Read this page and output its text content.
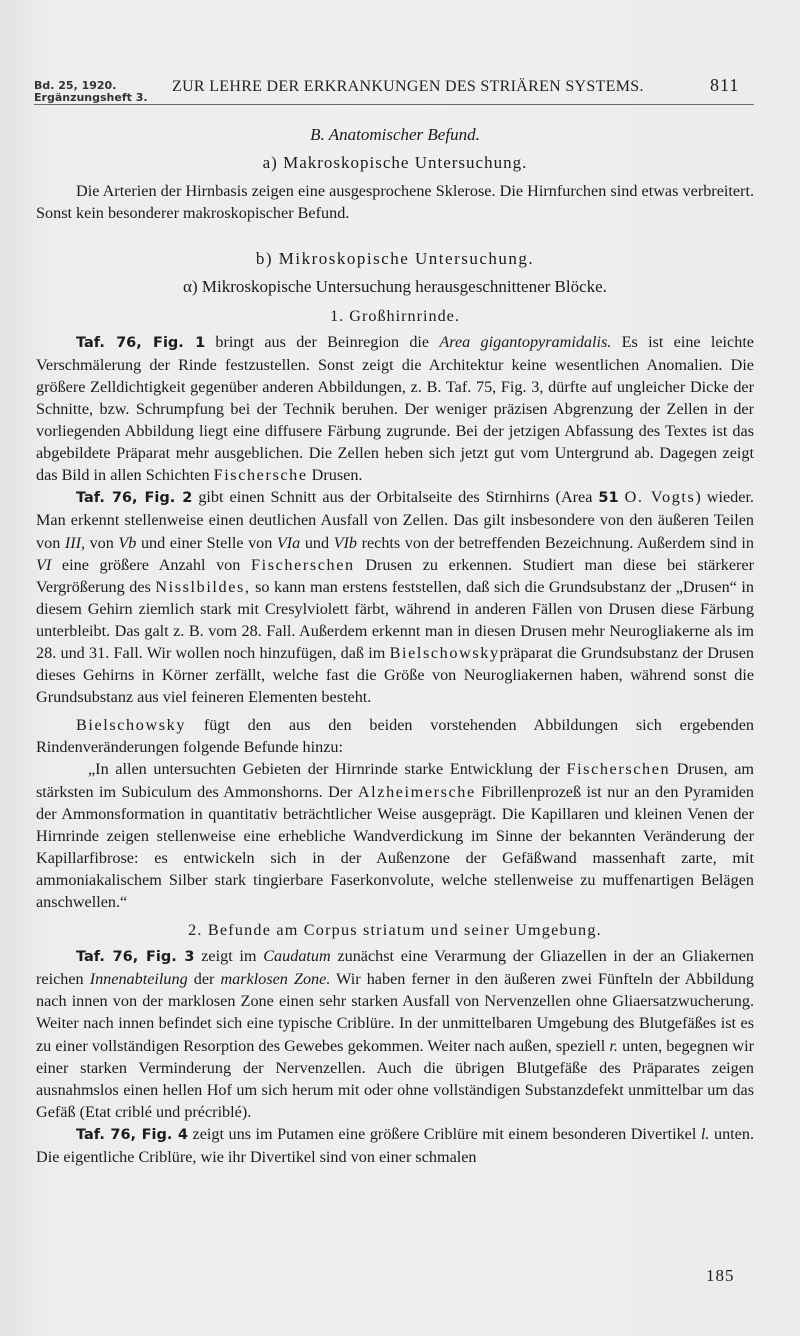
Bd. 25, 1920.
Ergänzungsheft 3.
ZUR LEHRE DER ERKRANKUNGEN DES STRIÄREN SYSTEMS.	811

B. Anatomischer Befund.

a) Makroskopische Untersuchung.

Die Arterien der Hirnbasis zeigen eine ausgesprochene Sklerose. Die Hirnfurchen sind etwas verbreitert. Sonst kein besonderer makroskopischer Befund.

b) Mikroskopische Untersuchung.

α) Mikroskopische Untersuchung herausgeschnittener Blöcke.

1. Großhirnrinde.

Taf. 76, Fig. 1 bringt aus der Beinregion die Area gigantopyramidalis. Es ist eine leichte Verschmälerung der Rinde festzustellen. Sonst zeigt die Architektur keine wesentlichen Anomalien. Die größere Zelldichtigkeit gegenüber anderen Abbildungen, z. B. Taf. 75, Fig. 3, dürfte auf ungleicher Dicke der Schnitte, bzw. Schrumpfung bei der Technik beruhen. Der weniger präzisen Abgrenzung der Zellen in der vorliegenden Abbildung liegt eine diffusere Färbung zugrunde. Bei der jetzigen Abfassung des Textes ist das abgebildete Präparat mehr ausgeblichen. Die Zellen heben sich jetzt gut vom Untergrund ab. Dagegen zeigt das Bild in allen Schichten Fischersche Drusen.

Taf. 76, Fig. 2 gibt einen Schnitt aus der Orbitalseite des Stirnhirns (Area 51 O. Vogts) wieder. Man erkennt stellenweise einen deutlichen Ausfall von Zellen. Das gilt insbesondere von den äußeren Teilen von III, von Vb und einer Stelle von VIa und VIb rechts von der betreffenden Bezeichnung. Außerdem sind in VI eine größere Anzahl von Fischerschen Drusen zu erkennen. Studiert man diese bei stärkerer Vergrößerung des Nisslbildes, so kann man erstens feststellen, daß sich die Grundsubstanz der „Drusen“ in diesem Gehirn ziemlich stark mit Cresylviolett färbt, während in anderen Fällen von Drusen diese Färbung unterbleibt. Das galt z. B. vom 28. Fall. Außerdem erkennt man in diesen Drusen mehr Neurogliakerne als im 28. und 31. Fall. Wir wollen noch hinzufügen, daß im Bielschowskypräparat die Grundsubstanz der Drusen dieses Gehirns in Körner zerfällt, welche fast die Größe von Neurogliakernen haben, während sonst die Grundsubstanz aus viel feineren Elementen besteht.

Bielschowsky fügt den aus den beiden vorstehenden Abbildungen sich ergebenden Rindenveränderungen folgende Befunde hinzu:

„In allen untersuchten Gebieten der Hirnrinde starke Entwicklung der Fischerschen Drusen, am stärksten im Subiculum des Ammonshorns. Der Alzheimersche Fibrillenprozeß ist nur an den Pyramiden der Ammonsformation in quantitativ beträchtlicher Weise ausgeprägt. Die Kapillaren und kleinen Venen der Hirnrinde zeigen stellenweise eine erhebliche Wandverdickung im Sinne der bekannten Veränderung der Kapillarfibrose: es entwickeln sich in der Außenzone der Gefäßwand massenhaft zarte, mit ammoniakalischem Silber stark tingierbare Faserkonvolute, welche stellenweise zu muffenartigen Belägen anschwellen.“

2. Befunde am Corpus striatum und seiner Umgebung.

Taf. 76, Fig. 3 zeigt im Caudatum zunächst eine Verarmung der Gliazellen in der an Gliakernen reichen Innenabteilung der marklosen Zone. Wir haben ferner in den äußeren zwei Fünfteln der Abbildung nach innen von der marklosen Zone einen sehr starken Ausfall von Nervenzellen ohne Gliaersatzwucherung. Weiter nach innen befindet sich eine typische Criblüre. In der unmittelbaren Umgebung des Blutgefäßes ist es zu einer vollständigen Resorption des Gewebes gekommen. Weiter nach außen, speziell r. unten, begegnen wir einer starken Verminderung der Nervenzellen. Auch die übrigen Blutgefäße des Präparates zeigen ausnahmslos einen hellen Hof um sich herum mit oder ohne vollständigen Substanzdefekt unmittelbar um das Gefäß (Etat criblé und précriblé).

Taf. 76, Fig. 4 zeigt uns im Putamen eine größere Criblüre mit einem besonderen Divertikel l. unten. Die eigentliche Criblüre, wie ihr Divertikel sind von einer schmalen

185
